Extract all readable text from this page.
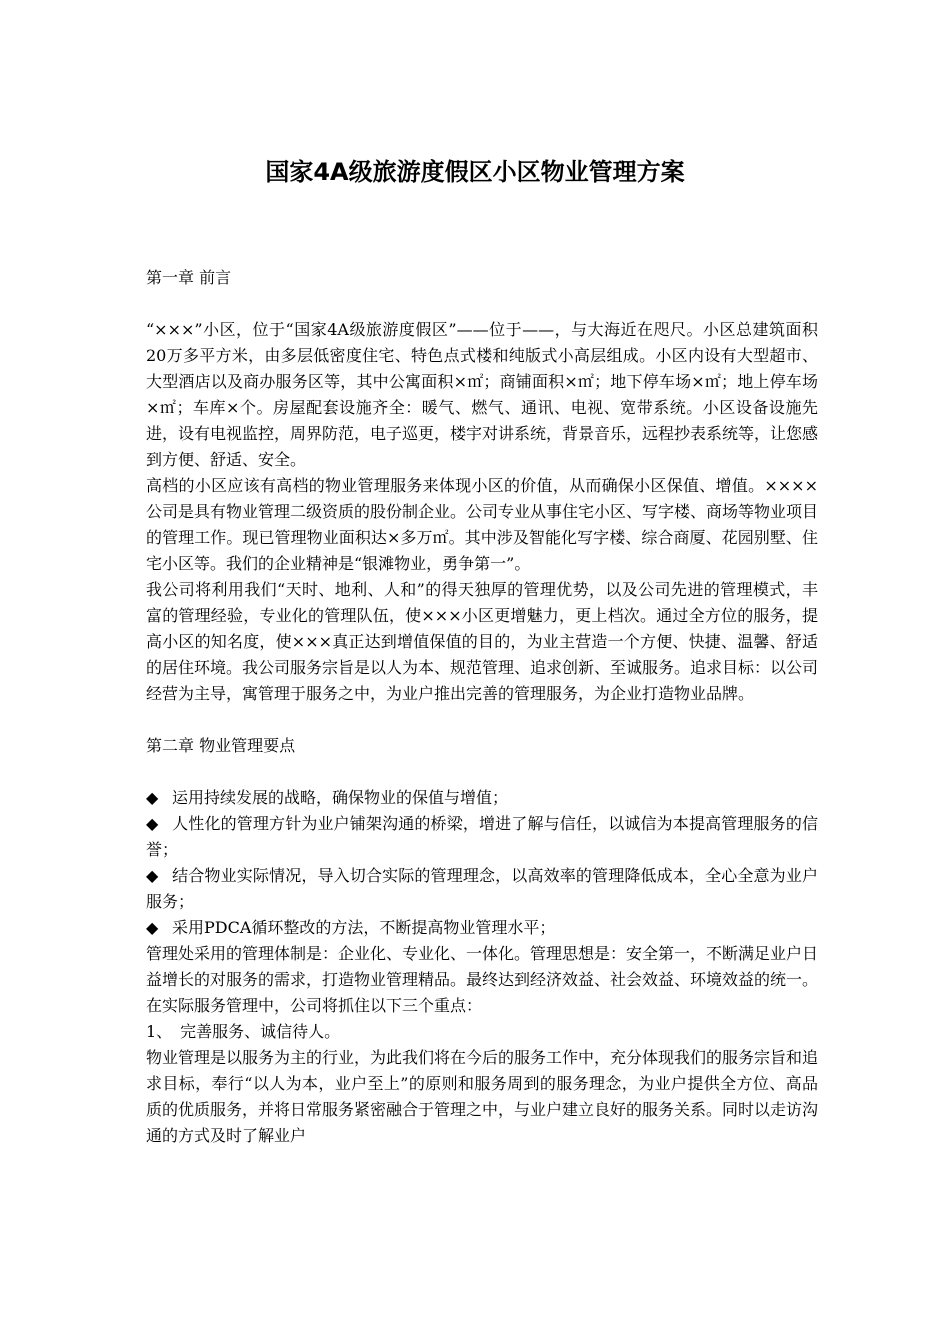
国家4A级旅游度假区小区物业管理方案

第一章 前言

“×××”小区，位于“国家4A级旅游度假区”——位于——，与大海近在咫尺。小区总建筑面积20万多平方米，由多层低密度住宅、特色点式楼和纯版式小高层组成。小区内设有大型超市、大型酒店以及商办服务区等，其中公寓面积×㎡；商铺面积×㎡；地下停车场×㎡；地上停车场×㎡；车库×个。房屋配套设施齐全：暖气、燃气、通讯、电视、宽带系统。小区设备设施先进，设有电视监控，周界防范，电子巡更，楼宇对讲系统，背景音乐，远程抄表系统等，让您感到方便、舒适、安全。

高档的小区应该有高档的物业管理服务来体现小区的价值，从而确保小区保值、增值。××××公司是具有物业管理二级资质的股份制企业。公司专业从事住宅小区、写字楼、商场等物业项目的管理工作。现已管理物业面积达×多万㎡。其中涉及智能化写字楼、综合商厦、花园别墅、住宅小区等。我们的企业精神是“银滩物业，勇争第一”。

我公司将利用我们“天时、地利、人和”的得天独厚的管理优势，以及公司先进的管理模式，丰富的管理经验，专业化的管理队伍，使×××小区更增魅力，更上档次。通过全方位的服务，提高小区的知名度，使×××真正达到增值保值的目的，为业主营造一个方便、快捷、温馨、舒适的居住环境。我公司服务宗旨是以人为本、规范管理、追求创新、至诚服务。追求目标：以公司经营为主导，寓管理于服务之中，为业户推出完善的管理服务，为企业打造物业品牌。

第二章 物业管理要点

◆ 运用持续发展的战略，确保物业的保值与增值；

◆ 人性化的管理方针为业户铺架沟通的桥梁，增进了解与信任，以诚信为本提高管理服务的信誉；

◆ 结合物业实际情况，导入切合实际的管理理念，以高效率的管理降低成本，全心全意为业户服务；

◆ 采用PDCA循环整改的方法，不断提高物业管理水平；

管理处采用的管理体制是：企业化、专业化、一体化。管理思想是：安全第一，不断满足业户日益增长的对服务的需求，打造物业管理精品。最终达到经济效益、社会效益、环境效益的统一。

在实际服务管理中，公司将抓住以下三个重点：

1、　完善服务、诚信待人。

物业管理是以服务为主的行业，为此我们将在今后的服务工作中，充分体现我们的服务宗旨和追求目标，奉行“以人为本，业户至上”的原则和服务周到的服务理念，为业户提供全方位、高品质的优质服务，并将日常服务紧密融合于管理之中，与业户建立良好的服务关系。同时以走访沟通的方式及时了解业户
